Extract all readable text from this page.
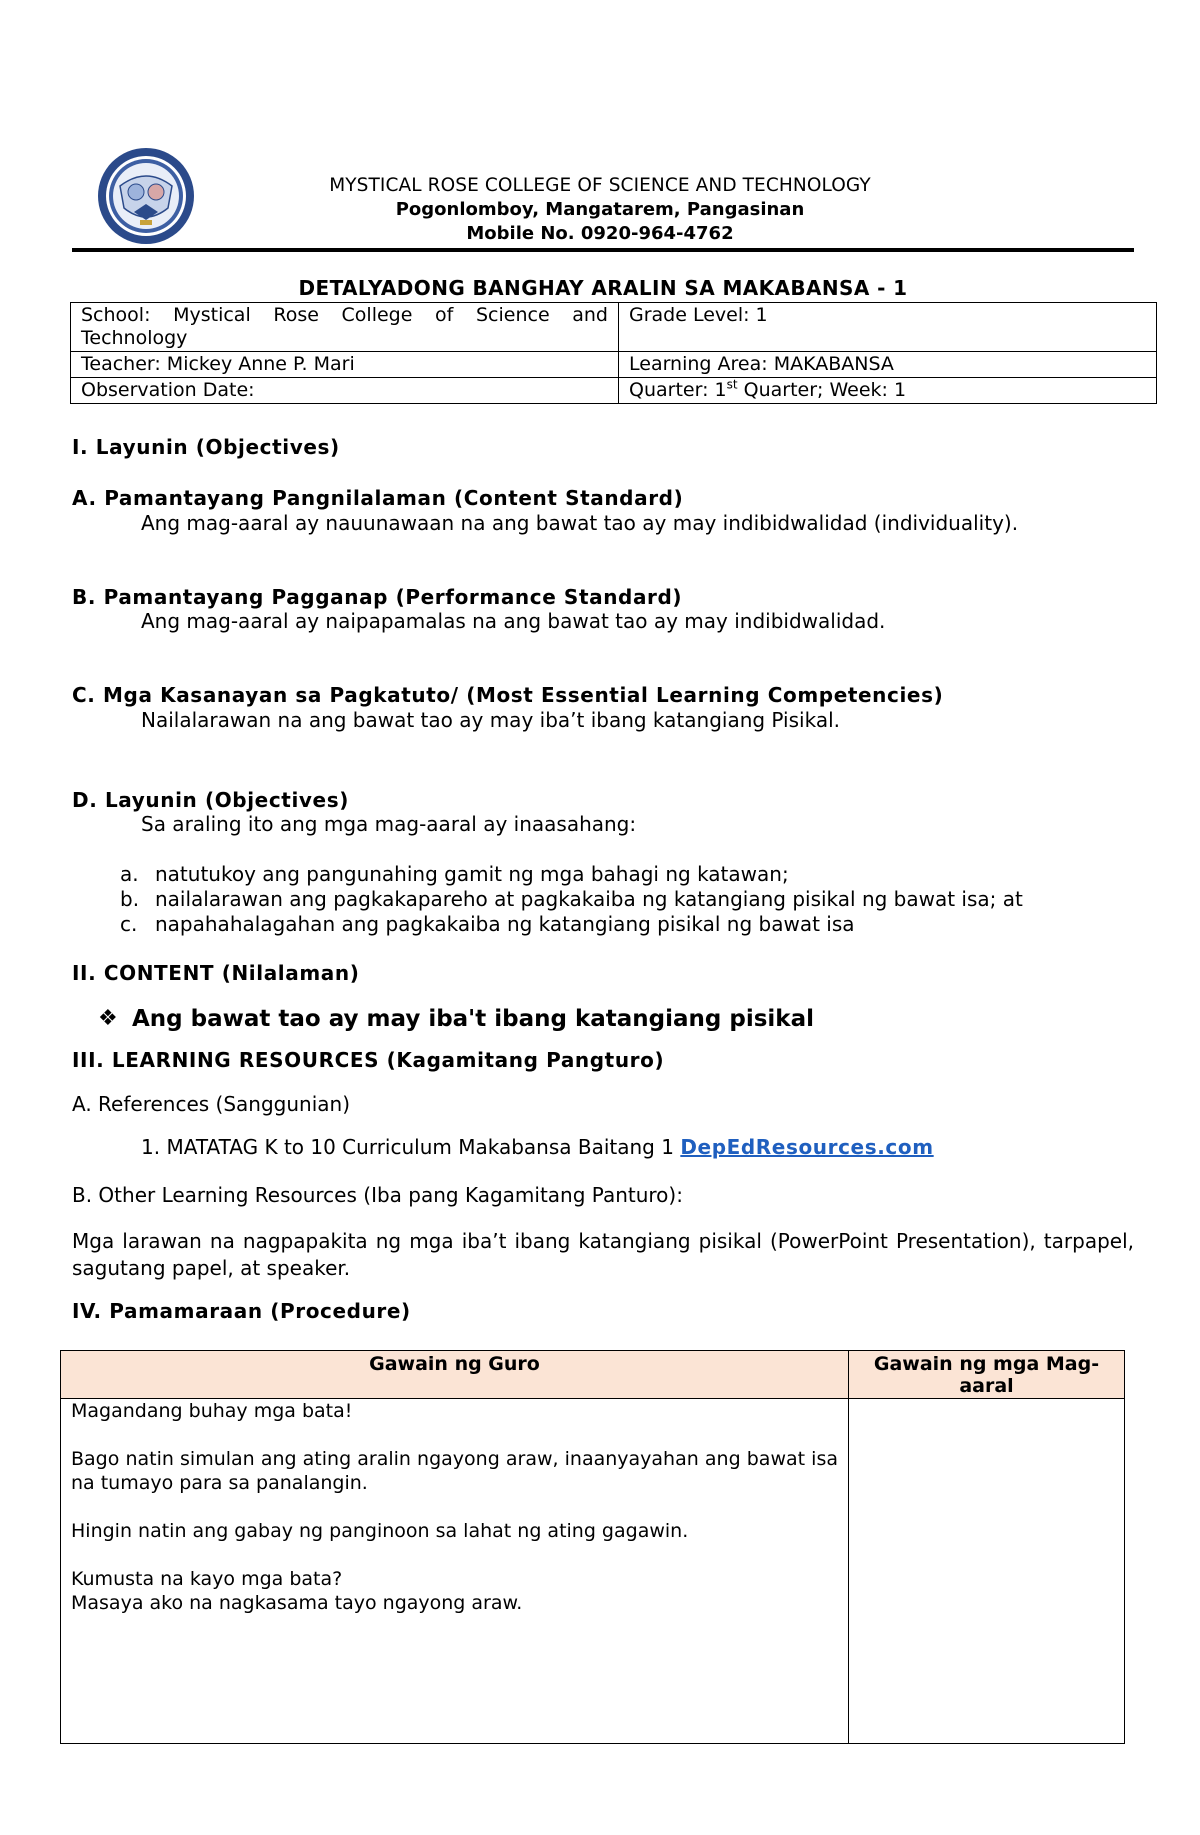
MYSTICAL ROSE COLLEGE OF SCIENCE AND TECHNOLOGY
Pogonlomboy, Mangatarem, Pangasinan
Mobile No. 0920-964-4762
DETALYADONG BANGHAY ARALIN SA MAKABANSA - 1
School: Mystical Rose College of Science and Technology	Grade Level: 1
Teacher: Mickey Anne P. Mari	Learning Area: MAKABANSA
Observation Date:	Quarter: 1st Quarter; Week: 1
I. Layunin (Objectives)
A. Pamantayang Pangnilalaman (Content Standard)
Ang mag-aaral ay nauunawaan na ang bawat tao ay may indibidwalidad (individuality).
B. Pamantayang Pagganap (Performance Standard)
Ang mag-aaral ay naipapamalas na ang bawat tao ay may indibidwalidad.
C. Mga Kasanayan sa Pagkatuto/ (Most Essential Learning Competencies)
Nailalarawan na ang bawat tao ay may iba’t ibang katangiang Pisikal.
D. Layunin (Objectives)
Sa araling ito ang mga mag-aaral ay inaasahang:
a. natutukoy ang pangunahing gamit ng mga bahagi ng katawan;
b. nailalarawan ang pagkakapareho at pagkakaiba ng katangiang pisikal ng bawat isa; at
c. napahahalagahan ang pagkakaiba ng katangiang pisikal ng bawat isa
II. CONTENT (Nilalaman)
❖ Ang bawat tao ay may iba't ibang katangiang pisikal
III. LEARNING RESOURCES (Kagamitang Pangturo)
A. References (Sanggunian)
1. MATATAG K to 10 Curriculum Makabansa Baitang 1 DepEdResources.com
B. Other Learning Resources (Iba pang Kagamitang Panturo):
Mga larawan na nagpapakita ng mga iba’t ibang katangiang pisikal (PowerPoint Presentation), tarpapel, sagutang papel, at speaker.
IV. Pamamaraan (Procedure)
Gawain ng Guro	Gawain ng mga Mag-aaral

Magandang buhay mga bata!

Bago natin simulan ang ating aralin ngayong araw, inaanyayahan ang bawat isa na tumayo para sa panalangin.

Hingin natin ang gabay ng panginoon sa lahat ng ating gagawin.

Kumusta na kayo mga bata?
Masaya ako na nagkasama tayo ngayong araw.	
